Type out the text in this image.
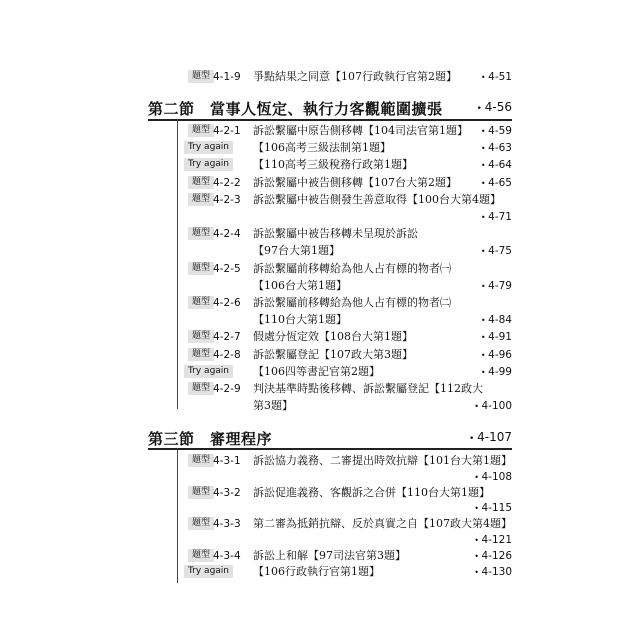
題型 4-1-9 爭點結果之同意【107行政執行官第2題】	• 4-51
第二節　當事人恆定、執行力客觀範圍擴張	• 4-56
題型 4-2-1 訴訟繫屬中原告側移轉【104司法官第1題】	• 4-59
Try again	【106高考三級法制第1題】	• 4-63
Try again	【110高考三級稅務行政第1題】	• 4-64
題型 4-2-2 訴訟繫屬中被告側移轉【107台大第2題】	• 4-65
題型 4-2-3 訴訟繫屬中被告側發生善意取得【100台大第4題】
• 4-71
題型 4-2-4 訴訟繫屬中被告移轉未呈現於訴訟
【97台大第1題】	• 4-75
題型 4-2-5 訴訟繫屬前移轉給為他人占有標的物者㈠
【106台大第1題】	• 4-79
題型 4-2-6 訴訟繫屬前移轉給為他人占有標的物者㈡
【110台大第1題】	• 4-84
題型 4-2-7 假處分恆定效【108台大第1題】	• 4-91
題型 4-2-8 訴訟繫屬登記【107政大第3題】	• 4-96
Try again	【106四等書記官第2題】	• 4-99
題型 4-2-9 判決基準時點後移轉、訴訟繫屬登記【112政大
第3題】	• 4-100
第三節　審理程序	• 4-107
題型 4-3-1 訴訟協力義務、二審提出時效抗辯【101台大第1題】
• 4-108
題型 4-3-2 訴訟促進義務、客觀訴之合併【110台大第1題】
• 4-115
題型 4-3-3 第二審為抵銷抗辯、反於真實之自【107政大第4題】
• 4-121
題型 4-3-4 訴訟上和解【97司法官第3題】	• 4-126
Try again	【106行政執行官第1題】	• 4-130
